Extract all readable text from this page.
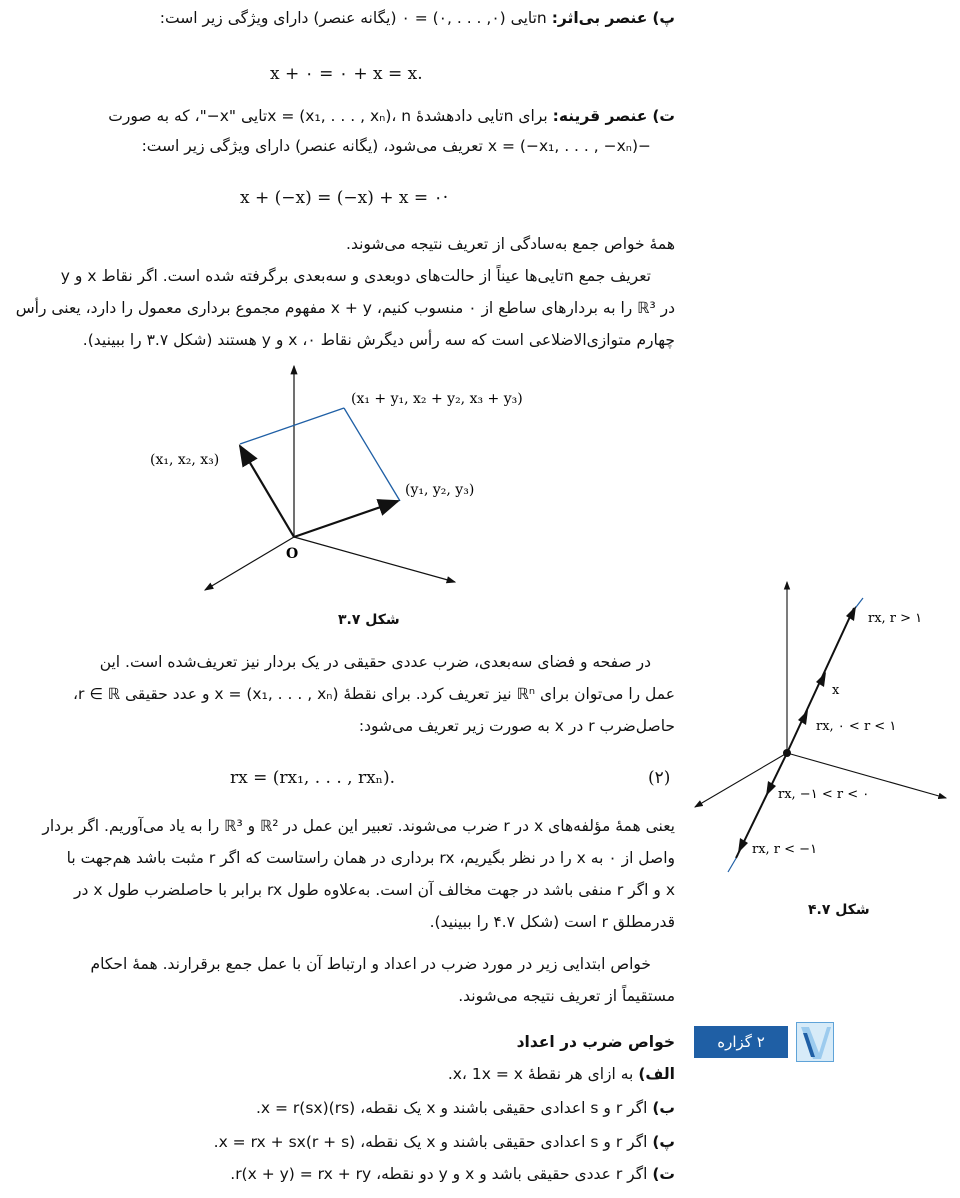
پ) عنصر بی‌اثر: nتایی (۰, . . . ,۰) = ۰ (یگانه عنصر) دارای ویژگی زیر است:
x + ۰ = ۰ + x = x.
ت) عنصر قرینه: برای nتایی دادهشدهٔ x = (x₁, . . . , xₙ)، nتایی "x−"، که به صورت
−x = (−x₁, . . . , −xₙ) تعریف می‌شود، (یگانه عنصر) دارای ویژگی زیر است:
x + (−x) = (−x) + x = ۰·
همهٔ خواص جمع به‌سادگی از تعریف نتیجه می‌شوند.
تعریف جمع nتایی‌ها عیناً از حالت‌های دوبعدی و سه‌بعدی برگرفته شده است. اگر نقاط x و y
در ℝ³ را به بردارهای ساطع از ۰ منسوب کنیم، x + y مفهوم مجموع برداری معمول را دارد، یعنی رأس
چهارم متوازی‌الاضلاعی است که سه رأس دیگرش نقاط ۰، x و y هستند (شکل ۳.۷ را ببینید).
در صفحه و فضای سه‌بعدی، ضرب عددی حقیقی در یک بردار نیز تعریف‌شده است. این
عمل را می‌توان برای ℝⁿ نیز تعریف کرد. برای نقطهٔ x = (x₁, . . . , xₙ) و عدد حقیقی r ∈ ℝ،
حاصل‌ضرب r در x به صورت زیر تعریف می‌شود:
rx = (rx₁, . . . , rxₙ).	(۲)
یعنی همهٔ مؤلفه‌های x در r ضرب می‌شوند. تعبیر این عمل در ℝ² و ℝ³ را به یاد می‌آوریم. اگر بردار
واصل از ۰ به x را در نظر بگیریم، rx برداری در همان راستاست که اگر r مثبت باشد هم‌جهت با
x و اگر r منفی باشد در جهت مخالف آن است. به‌علاوه طول rx برابر با حاصلضرب طول x در
قدرمطلق r است (شکل ۴.۷ را ببینید).
خواص ابتدایی زیر در مورد ضرب در اعداد و ارتباط آن با عمل جمع برقرارند. همهٔ احکام
مستقیماً از تعریف نتیجه می‌شوند.
خواص ضرب در اعداد
الف) به ازای هر نقطهٔ x، 1x = x.
ب) اگر r و s اعدادی حقیقی باشند و x یک نقطه، (rs)x = r(sx).
پ) اگر r و s اعدادی حقیقی باشند و x یک نقطه، (r + s)x = rx + sx.
ت) اگر r عددی حقیقی باشد و x و y دو نقطه، r(x + y) = rx + ry.
(x₁ + y₁, x₂ + y₂, x₃ + y₃)
(x₁, x₂, x₃)
(y₁, y₂, y₃)
O
شکل ۳.۷	rx, r > ۱
x
rx, ۰ < r < ۱
rx, −۱ < r < ۰
rx, r < −۱
شکل ۴.۷
۲ گزاره
